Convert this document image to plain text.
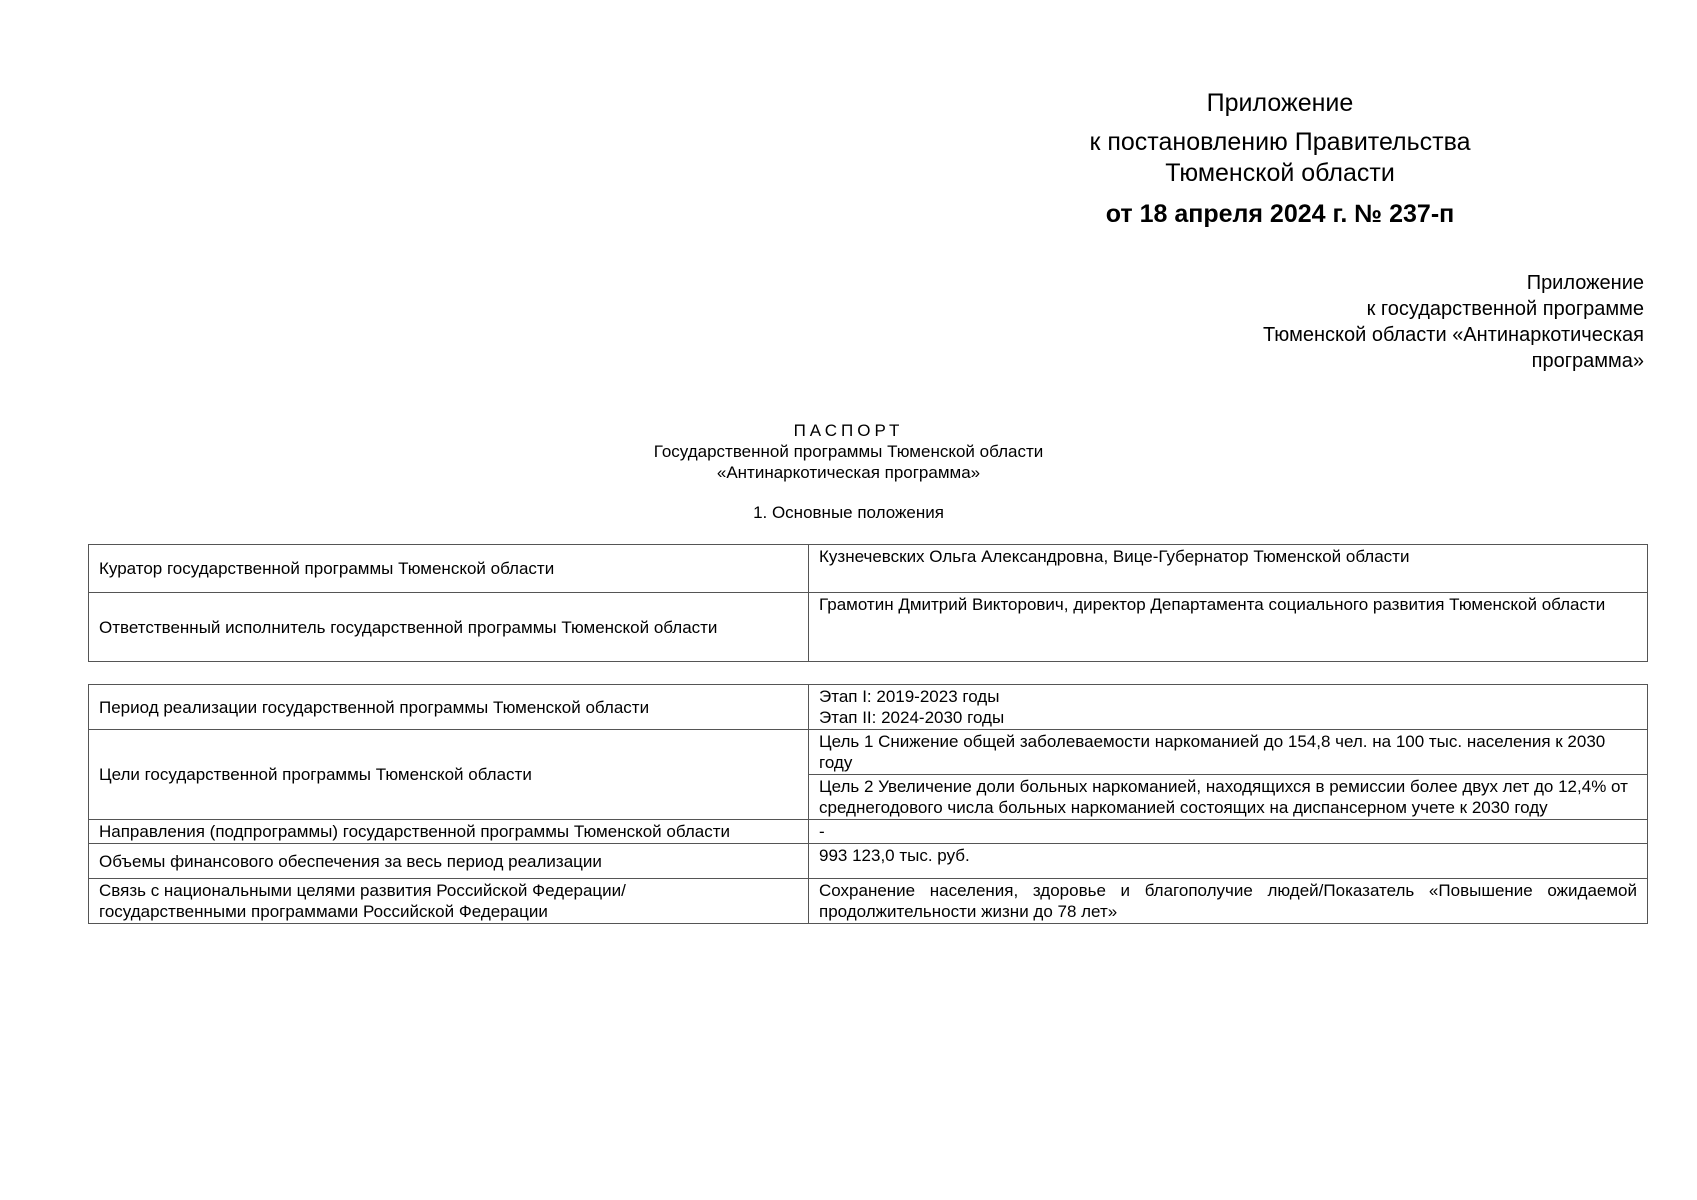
Приложение
к постановлению Правительства
Тюменской области
от 18 апреля 2024 г. № 237-п
Приложение
к государственной программе
Тюменской области «Антинаркотическая
программа»
ПАСПОРТ
Государственной программы Тюменской области
«Антинаркотическая программа»
1. Основные положения
Куратор государственной программы Тюменской области	Кузнечевских Ольга Александровна, Вице-Губернатор Тюменской области
Ответственный исполнитель государственной программы Тюменской области	Грамотин Дмитрий Викторович, директор Департамента социального развития Тюменской области
Период реализации государственной программы Тюменской области	Этап I: 2019-2023 годы
Этап II: 2024-2030 годы

Цели государственной программы Тюменской области	Цель 1 Снижение общей заболеваемости наркоманией до 154,8 чел. на 100 тыс. населения к 2030 году
	Цель 2 Увеличение доли больных наркоманией, находящихся в ремиссии более двух лет до 12,4% от среднегодового числа больных наркоманией состоящих на диспансерном учете к 2030 году
Направления (подпрограммы) государственной программы Тюменской области	-
Объемы финансового обеспечения за весь период реализации	993 123,0 тыс. руб.

Связь с национальными целями развития Российской Федерации/
государственными программами Российской Федерации	Сохранение населения, здоровье и благополучие людей/Показатель «Повышение ожидаемой продолжительности жизни до 78 лет»
